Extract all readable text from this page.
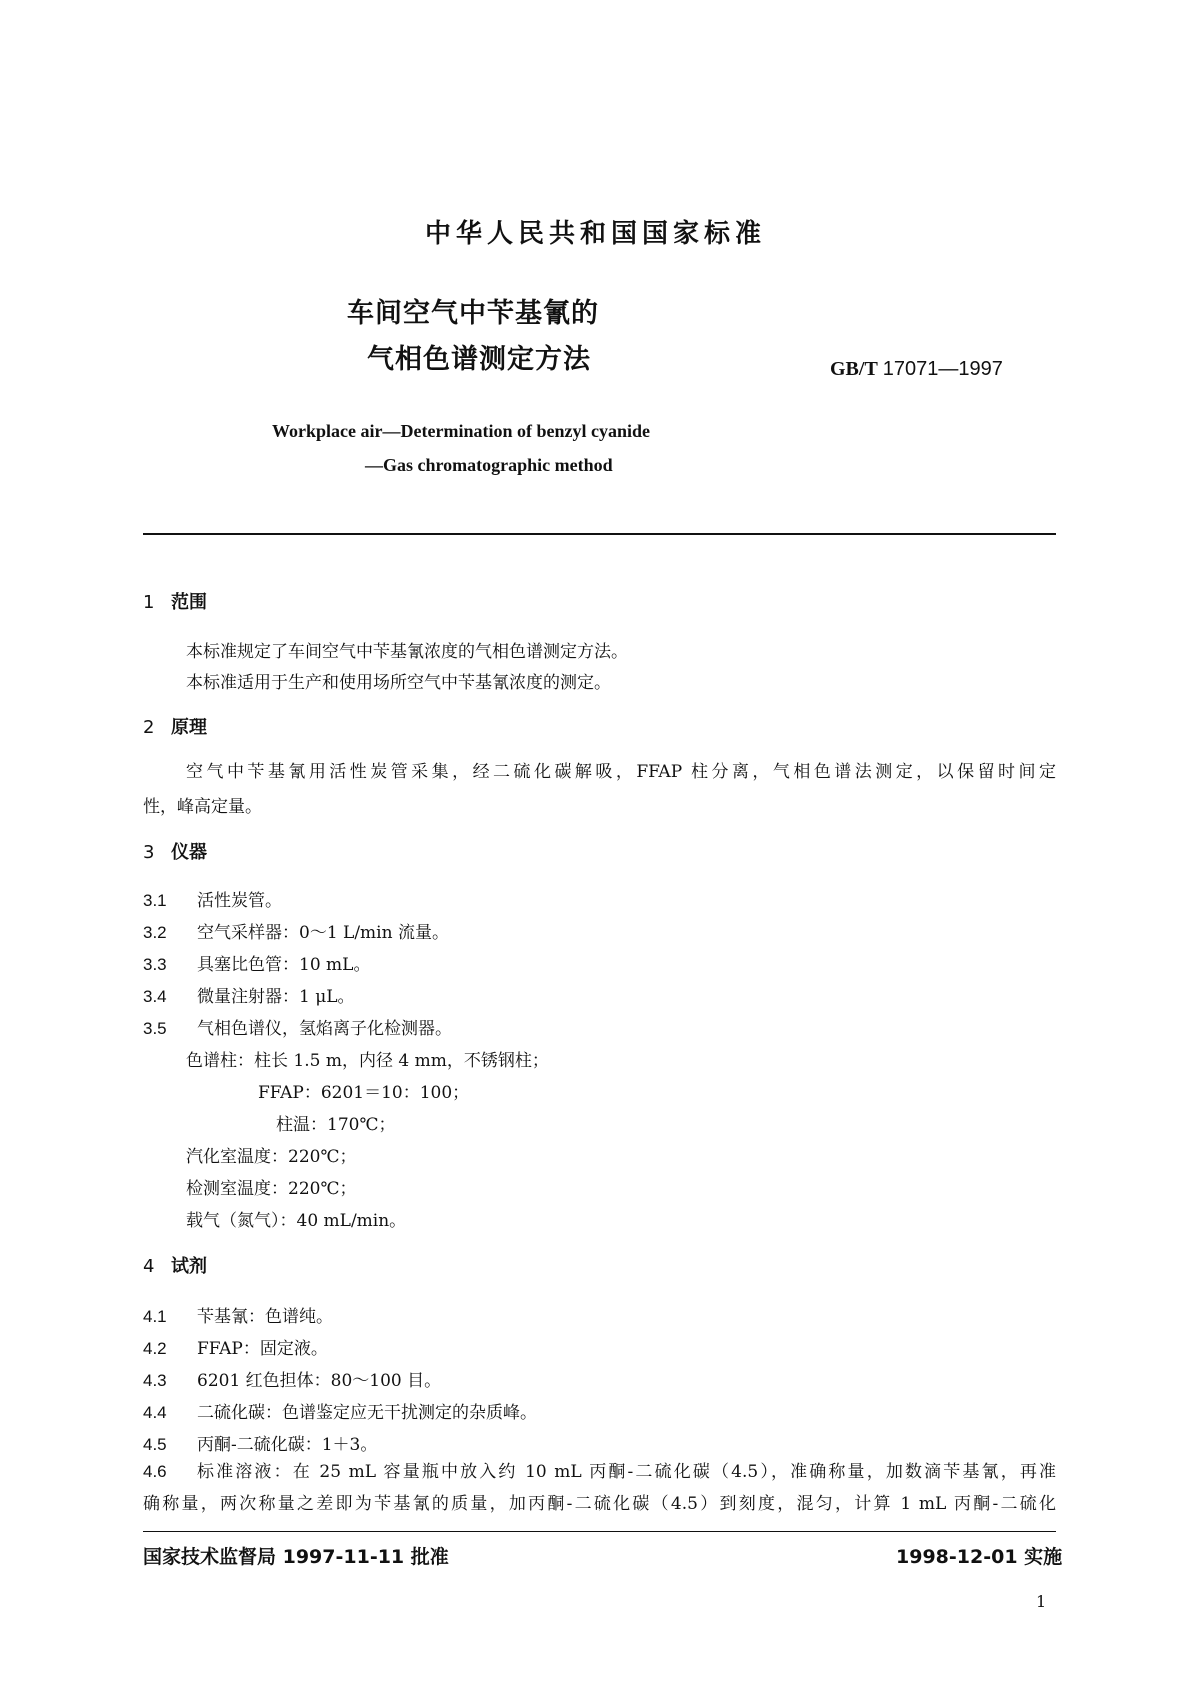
中华人民共和国国家标准
车间空气中苄基氰的
气相色谱测定方法	GB/T 17071—1997
Workplace air—Determination of benzyl cyanide
—Gas chromatographic method
1 范围
本标准规定了车间空气中苄基氰浓度的气相色谱测定方法。
本标准适用于生产和使用场所空气中苄基氰浓度的测定。
2 原理
空气中苄基氰用活性炭管采集，经二硫化碳解吸，FFAP 柱分离，气相色谱法测定，以保留时间定
性，峰高定量。
3 仪器
3.1 活性炭管。
3.2 空气采样器：0～1 L/min 流量。
3.3 具塞比色管：10 mL。
3.4 微量注射器：1 μL。
3.5 气相色谱仪，氢焰离子化检测器。
色谱柱：柱长 1.5 m，内径 4 mm，不锈钢柱；
FFAP：6201＝10：100；
柱温：170℃；
汽化室温度：220℃；
检测室温度：220℃；
载气（氮气）：40 mL/min。
4 试剂
4.1 苄基氰：色谱纯。
4.2 FFAP：固定液。
4.3 6201 红色担体：80～100 目。
4.4 二硫化碳：色谱鉴定应无干扰测定的杂质峰。
4.5 丙酮-二硫化碳：1＋3。
4.6	标准溶液：在 25 mL 容量瓶中放入约 10 mL 丙酮-二硫化碳（4.5），准确称量，加数滴苄基氰，再准
确称量，两次称量之差即为苄基氰的质量，加丙酮-二硫化碳（4.5）到刻度，混匀，计算 1 mL 丙酮-二硫化
国家技术监督局 1997-11-11 批准	1998-12-01 实施
1
